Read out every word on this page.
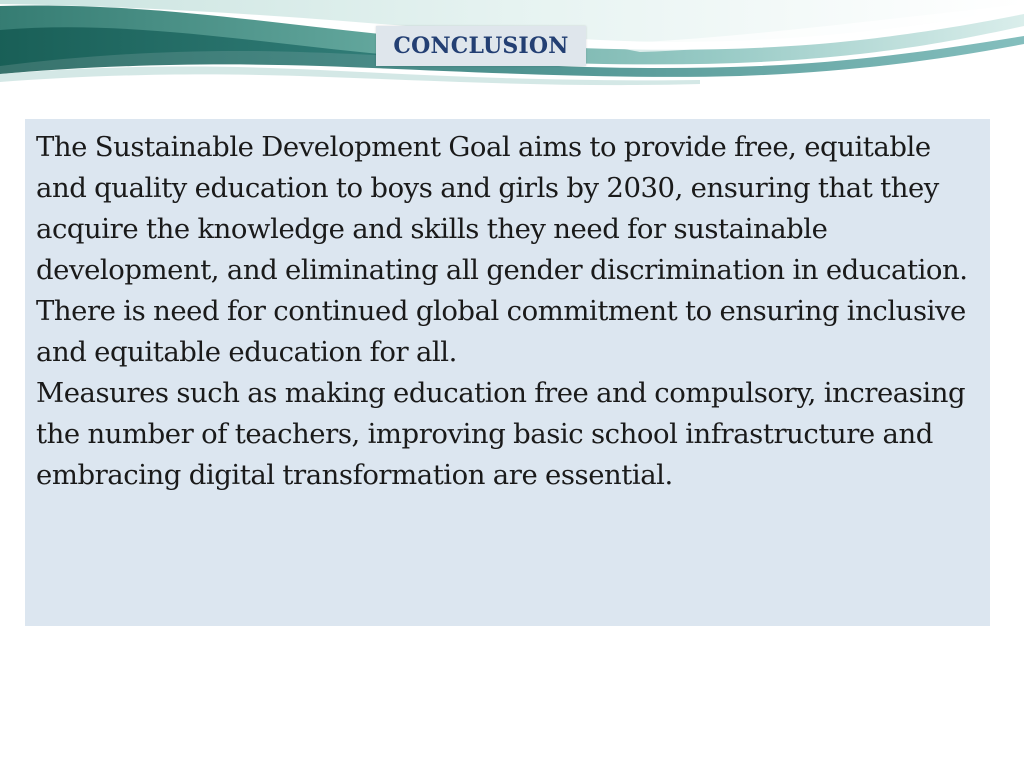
CONCLUSION

The Sustainable Development Goal aims to provide free, equitable and quality education to boys and girls by 2030, ensuring that they acquire the knowledge and skills they need for sustainable development, and eliminating all gender discrimination in education. There is need for continued global commitment to ensuring inclusive and equitable education for all.

Measures such as making education free and compulsory, increasing the number of teachers, improving basic school infrastructure and embracing digital transformation are essential.
